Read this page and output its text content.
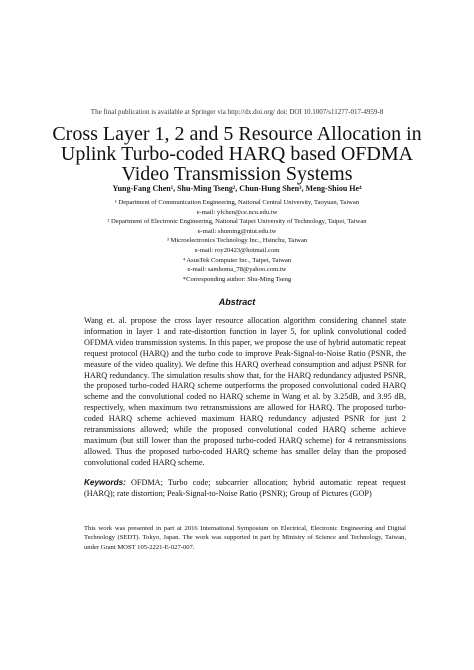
The final publication is available at Springer via http://dx.doi.org/ doi: DOI 10.1007/s11277-017-4959-8
Cross Layer 1, 2 and 5 Resource Allocation in Uplink Turbo-coded HARQ based OFDMA Video Transmission Systems
Yung-Fang Chen¹, Shu-Ming Tseng², Chun-Hung Shen³, Meng-Shiou He⁴
¹ Department of Communication Engineering, National Central University, Taoyuan, Taiwan
e-mail: yfchen@ce.ncu.edu.tw
² Department of Electronic Engineering, National Taipei University of Technology, Taipei, Taiwan
e-mail: shuming@ntut.edu.tw
³ Microelectronics Technology Inc., Hsinchu, Taiwan
e-mail: roy20423@hotmail.com
⁴ AsusTek Computer Inc., Taipei, Taiwan
e-mail: samhoma_78@yahoo.com.tw
*Corresponding author: Shu-Ming Tseng
Abstract
Wang et. al. propose the cross layer resource allocation algorithm considering channel state information in layer 1 and rate-distortion function in layer 5, for uplink convolutional coded OFDMA video transmission systems. In this paper, we propose the use of hybrid automatic repeat request protocol (HARQ) and the turbo code to improve Peak-Signal-to-Noise Ratio (PSNR, the measure of the video quality). We define this HARQ overhead consumption and adjust PSNR for HARQ redundancy. The simulation results show that, for the HARQ redundancy adjusted PSNR, the proposed turbo-coded HARQ scheme outperforms the proposed convolutional coded HARQ scheme and the convolutional coded no HARQ scheme in Wang et al. by 3.25dB, and 3.95 dB, respectively, when maximum two retransmissions are allowed for HARQ. The proposed turbo-coded HARQ scheme achieved maximum HARQ redundancy adjusted PSNR for just 2 retransmissions allowed; while the proposed convolutional coded HARQ scheme achieve maximum (but still lower than the proposed turbo-coded HARQ scheme) for 4 retransmissions allowed. Thus the proposed turbo-coded HARQ scheme has smaller delay than the proposed convolutional coded HARQ scheme.
Keywords: OFDMA; Turbo code; subcarrier allocation; hybrid automatic repeat request (HARQ); rate distortion; Peak-Signal-to-Noise Ratio (PSNR); Group of Pictures (GOP)
This work was presented in part at 2016 International Symposium on Electrical, Electronic Engineering and Digital Technology (SEDT). Tokyo, Japan. The work was supported in part by Ministry of Science and Technology, Taiwan, under Grant MOST 105-2221-E-027-007.
